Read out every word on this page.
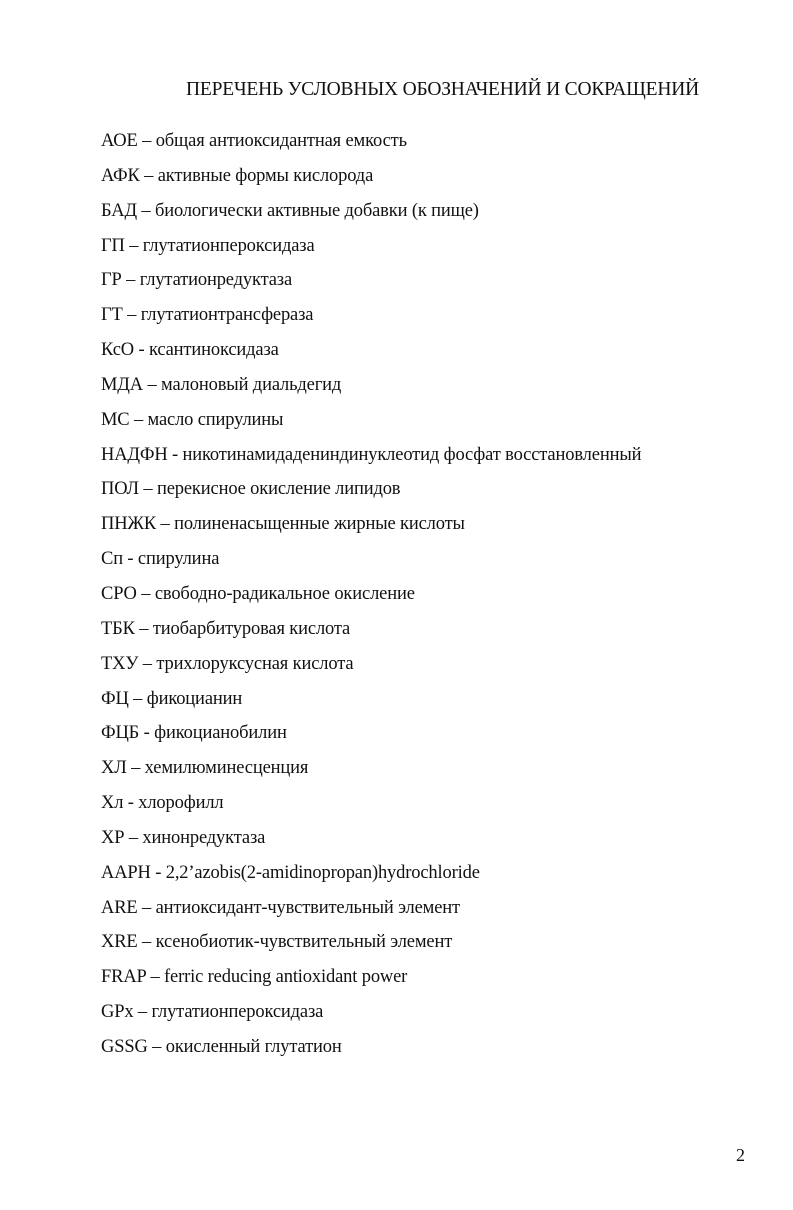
ПЕРЕЧЕНЬ УСЛОВНЫХ ОБОЗНАЧЕНИЙ И СОКРАЩЕНИЙ
АОЕ – общая антиоксидантная емкость
АФК – активные формы кислорода
БАД – биологически активные добавки (к пище)
ГП – глутатионпероксидаза
ГР – глутатионредуктаза
ГТ – глутатионтрансфераза
КсО - ксантиноксидаза
МДА – малоновый диальдегид
МС – масло спирулины
НАДФН - никотинамидадениндинуклеотид фосфат восстановленный
ПОЛ – перекисное окисление липидов
ПНЖК – полиненасыщенные жирные кислоты
Сп - спирулина
СРО – свободно-радикальное окисление
ТБК – тиобарбитуровая кислота
ТХУ – трихлоруксусная кислота
ФЦ – фикоцианин
ФЦБ - фикоцианобилин
ХЛ – хемилюминесценция
Хл - хлорофилл
ХР – хинонредуктаза
AAPH - 2,2’azobis(2-amidinopropan)hydrochloride
ARE – антиоксидант-чувствительный элемент
XRE – ксенобиотик-чувствительный элемент
FRAP – ferric reducing antioxidant power
GPx – глутатионпероксидаза
GSSG – окисленный глутатион
2
